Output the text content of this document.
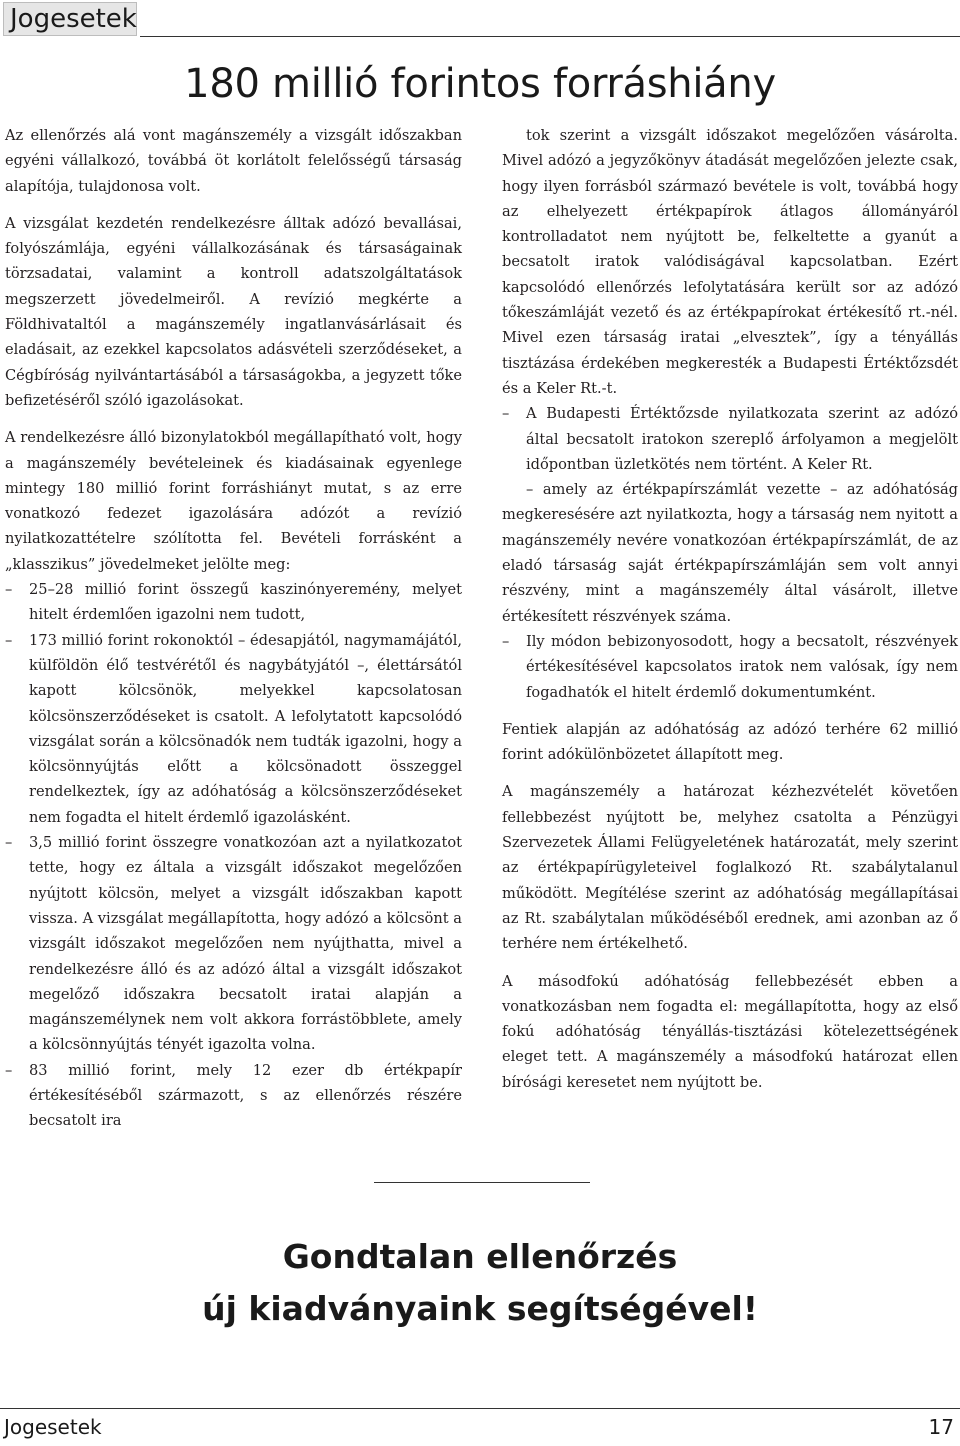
Jogesetek
180 millió forintos forráshiány

Az ellenőrzés alá vont magánszemély a vizsgált időszakban egyéni vállalkozó, továbbá öt korlátolt felelősségű társaság alapítója, tulajdonosa volt.

A vizsgálat kezdetén rendelkezésre álltak adózó bevallásai, folyószámlája, egyéni vállalkozásának és társaságainak törzsadatai, valamint a kontroll adatszolgáltatások megszerzett jövedelmeiről. A revízió megkérte a Földhivataltól a magánszemély ingatlanvásárlásait és eladásait, az ezekkel kapcsolatos adásvételi szerződéseket, a Cégbíróság nyilvántartásából a társaságokba, a jegyzett tőke befizetéséről szóló igazolásokat.

A rendelkezésre álló bizonylatokból megállapítható volt, hogy a magánszemély bevételeinek és kiadásainak egyenlege mintegy 180 millió forint forráshiányt mutat, s az erre vonatkozó fedezet igazolására adózót a revízió nyilatkozattételre szólította fel. Bevételi forrásként a „klasszikus” jövedelmeket jelölte meg:

– 25–28 millió forint összegű kaszinónyeremény, melyet hitelt érdemlően igazolni nem tudott,
– 173 millió forint rokonoktól – édesapjától, nagymamájától, külföldön élő testvérétől és nagybátyjától –, élettársától kapott kölcsönök, melyekkel kapcsolatosan kölcsönszerződéseket is csatolt. A lefolytatott kapcsolódó vizsgálat során a kölcsönadók nem tudták igazolni, hogy a kölcsönnyújtás előtt a kölcsönadott összeggel rendelkeztek, így az adóhatóság a kölcsönszerződéseket nem fogadta el hitelt érdemlő igazolásként.
– 3,5 millió forint összegre vonatkozóan azt a nyilatkozatot tette, hogy ez általa a vizsgált időszakot megelőzően nyújtott kölcsön, melyet a vizsgált időszakban kapott vissza. A vizsgálat megállapította, hogy adózó a kölcsönt a vizsgált időszakot megelőzően nem nyújthatta, mivel a rendelkezésre álló és az adózó által a vizsgált időszakot megelőző időszakra becsatolt iratai alapján a magánszemélynek nem volt akkora forrástöbblete, amely a kölcsönnyújtás tényét igazolta volna.
– 83 millió forint, mely 12 ezer db értékpapír értékesítéséből származott, s az ellenőrzés részére becsatolt ira

tok szerint a vizsgált időszakot megelőzően vásárolta. Mivel adózó a jegyzőkönyv átadását megelőzően jelezte csak, hogy ilyen forrásból származó bevétele is volt, továbbá hogy az elhelyezett értékpapírok átlagos állományáról kontrolladatot nem nyújtott be, felkeltette a gyanút a becsatolt iratok valódiságával kapcsolatban. Ezért kapcsolódó ellenőrzés lefolytatására került sor az adózó tőkeszámláját vezető és az értékpapírokat értékesítő rt.-nél. Mivel ezen társaság iratai „elvesztek”, így a tényállás tisztázása érdekében megkeresték a Budapesti Értéktőzsdét és a Keler Rt.-t.

– A Budapesti Értéktőzsde nyilatkozata szerint az adózó által becsatolt iratokon szereplő árfolyamon a megjelölt időpontban üzletkötés nem történt. A Keler Rt.

– amely az értékpapírszámlát vezette – az adóhatóság megkeresésére azt nyilatkozta, hogy a társaság nem nyitott a magánszemély nevére vonatkozóan értékpapírszámlát, de az eladó társaság saját értékpapírszámláján sem volt annyi részvény, mint a magánszemély által vásárolt, illetve értékesített részvények száma.

– Ily módon bebizonyosodott, hogy a becsatolt, részvények értékesítésével kapcsolatos iratok nem valósak, így nem fogadhatók el hitelt érdemlő dokumentumként.

Fentiek alapján az adóhatóság az adózó terhére 62 millió forint adókülönbözetet állapított meg.

A magánszemély a határozat kézhezvételét követően fellebbezést nyújtott be, melyhez csatolta a Pénzügyi Szervezetek Állami Felügyeletének határozatát, mely szerint az értékpapírügyleteivel foglalkozó Rt. szabálytalanul működött. Megítélése szerint az adóhatóság megállapításai az Rt. szabálytalan működéséből erednek, ami azonban az ő terhére nem értékelhető.

A másodfokú adóhatóság fellebbezését ebben a vonatkozásban nem fogadta el: megállapította, hogy az első fokú adóhatóság tényállás-tisztázási kötelezettségének eleget tett. A magánszemély a másodfokú határozat ellen bírósági keresetet nem nyújtott be.

Gondtalan ellenőrzés
új kiadványaink segítségével!
Jogesetek	17
